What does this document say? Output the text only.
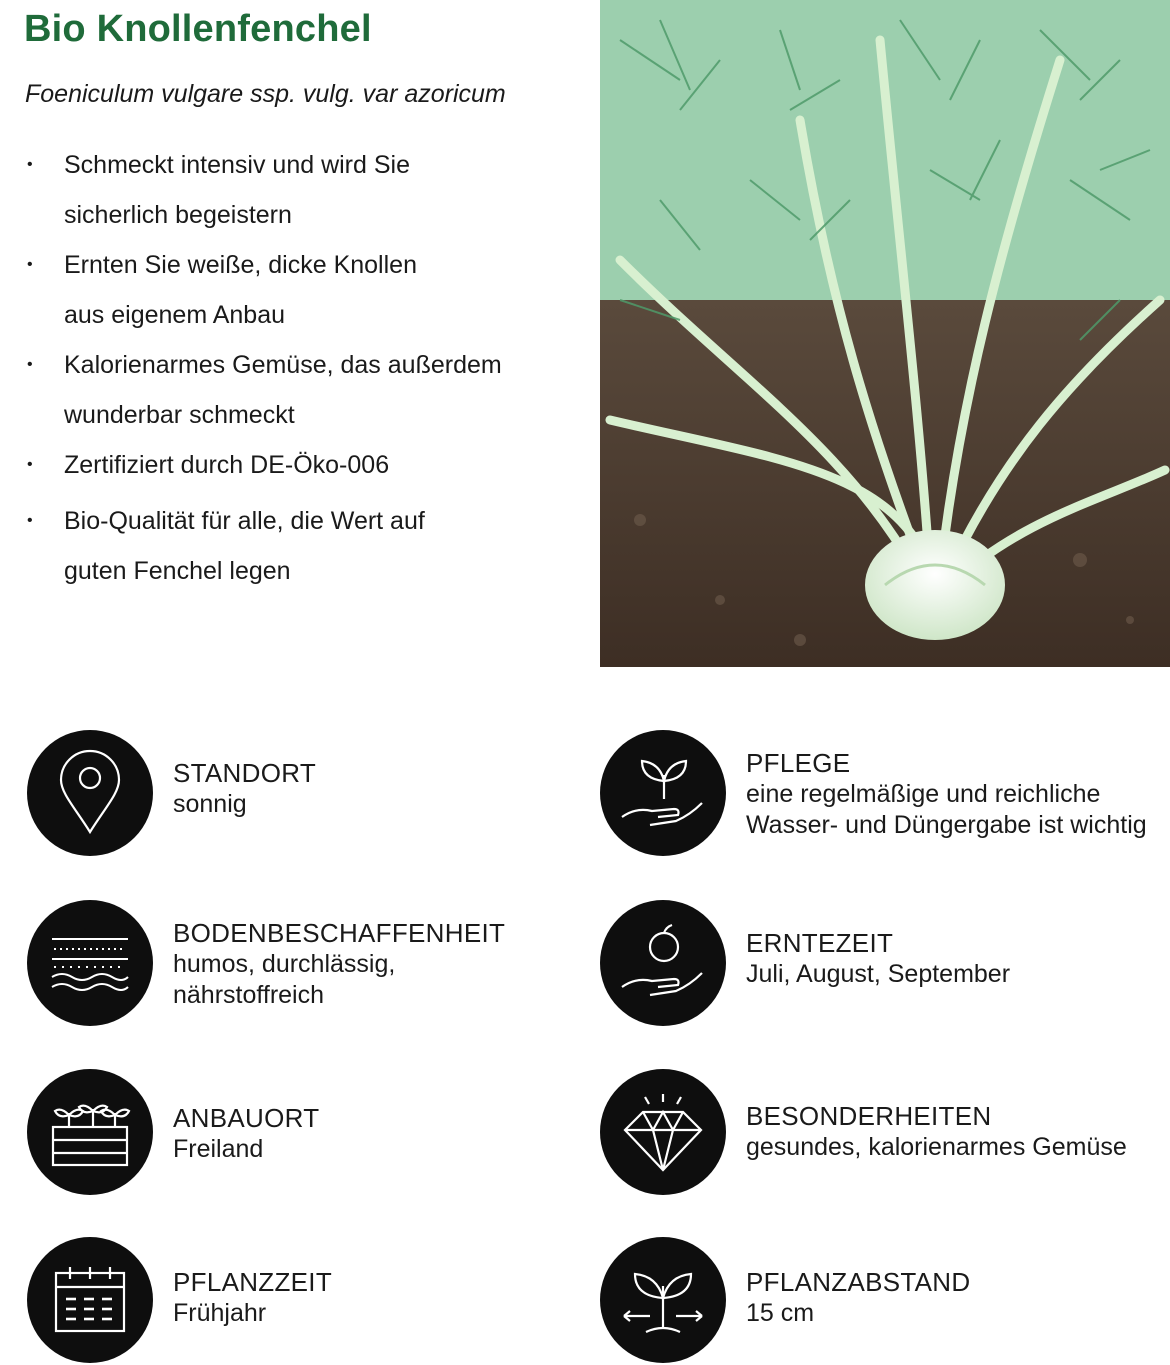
Bio Knollenfenchel

Foeniculum vulgare ssp. vulg. var azoricum

• Schmeckt intensiv und wird Sie
sicherlich begeistern
• Ernten Sie weiße, dicke Knollen
aus eigenem Anbau
• Kalorienarmes Gemüse, das außerdem
wunderbar schmeckt
• Zertifiziert durch DE-Öko-006
• Bio-Qualität für alle, die Wert auf
guten Fenchel legen
STANDORT
sonnig
BODENBESCHAFFENHEIT
humos, durchlässig,
nährstoffreich
ANBAUORT
Freiland
PFLANZZEIT
Frühjahr
PFLEGE
eine regelmäßige und reichliche
Wasser- und Düngergabe ist wichtig
ERNTEZEIT
Juli, August, September
BESONDERHEITEN
gesundes, kalorienarmes Gemüse
PFLANZABSTAND
15 cm
